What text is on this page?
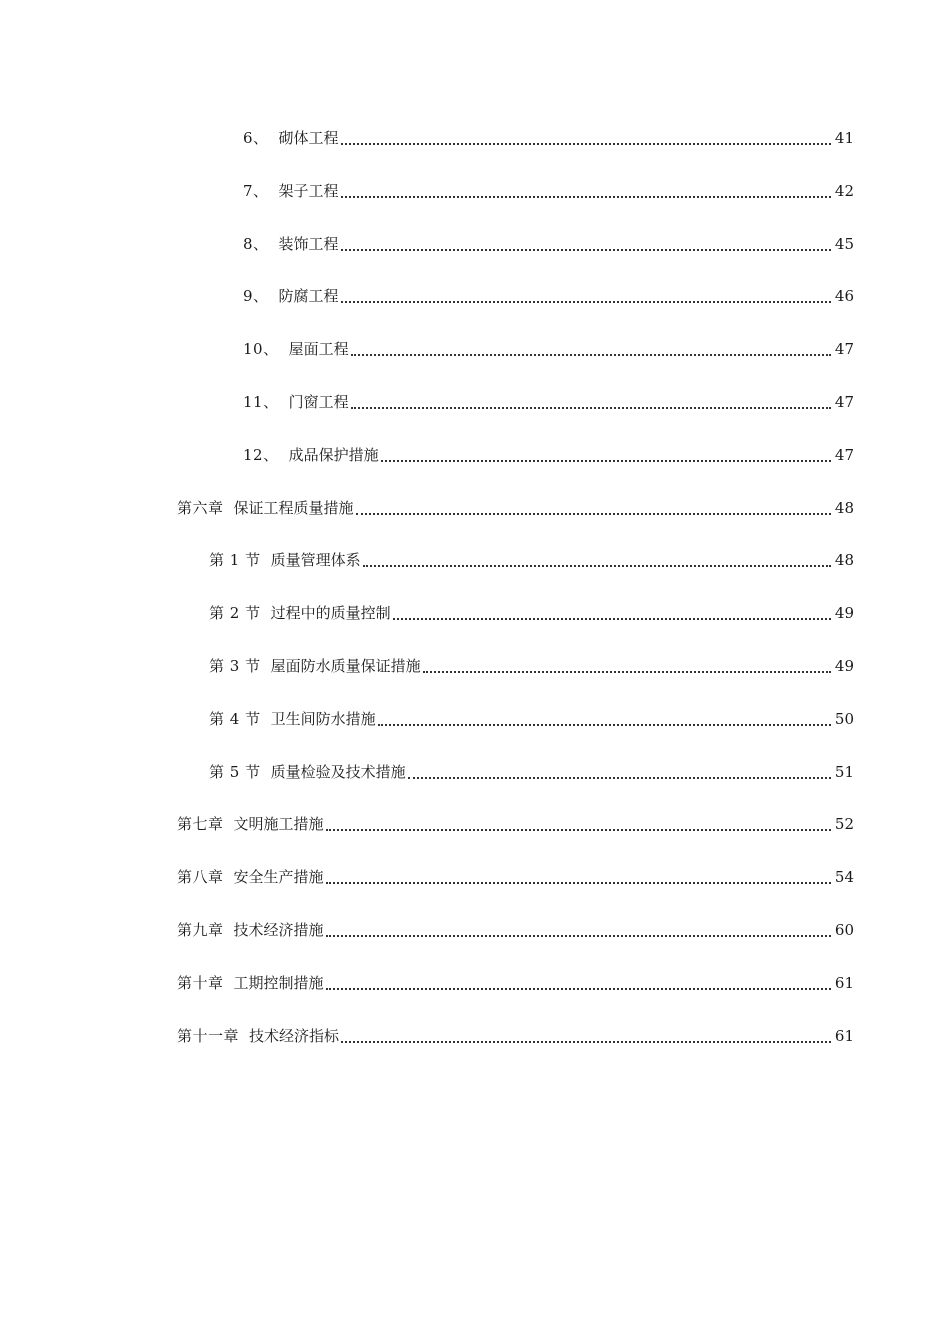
6、 砌体工程	41
7、 架子工程	42
8、 装饰工程	45
9、 防腐工程	46
10、 屋面工程	47
11、 门窗工程	47
12、 成品保护措施	47
第六章 保证工程质量措施	48
第 1 节 质量管理体系	48
第 2 节 过程中的质量控制	49
第 3 节 屋面防水质量保证措施	49
第 4 节 卫生间防水措施	50
第 5 节 质量检验及技术措施	51
第七章 文明施工措施	52
第八章 安全生产措施	54
第九章 技术经济措施	60
第十章 工期控制措施	61
第十一章 技术经济指标	61
